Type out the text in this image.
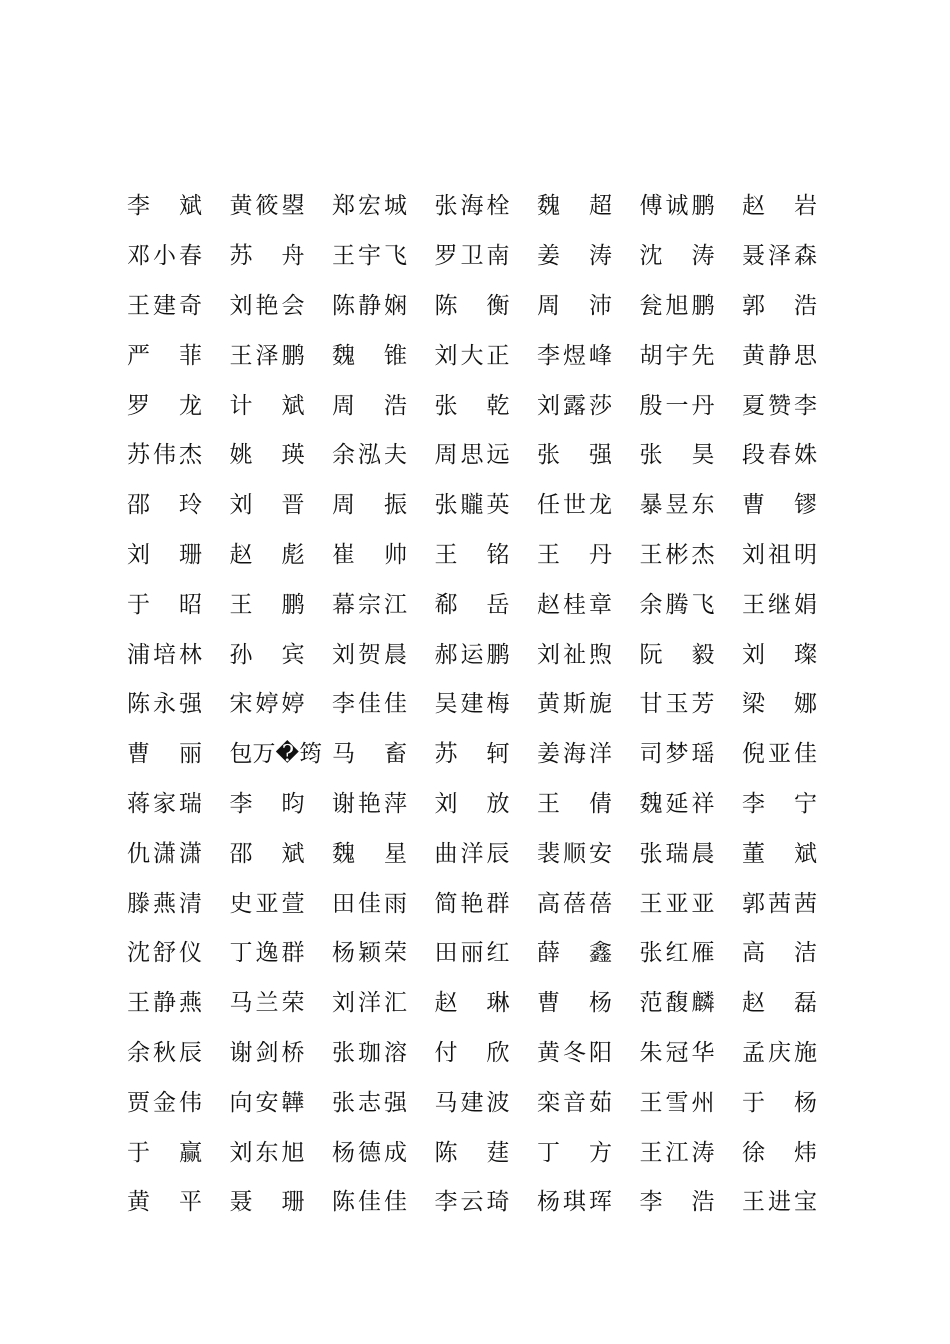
李 斌 黄 筱 曌 郑 宏 城 张 海 栓 魏 超 傅 诚 鹏 赵 岩
邓 小 春 苏 舟 王 宇 飞 罗 卫 南 姜 涛 沈 涛 聂 泽 森
王 建 奇 刘 艳 会 陈 静 娴 陈 衡 周 沛 瓮 旭 鹏 郭 浩
严 菲 王 泽 鹏 魏 锥 刘 大 正 李 煜 峰 胡 宇 先 黄 静 思
罗 龙 计 斌 周 浩 张 乾 刘 露 莎 殷 一 丹 夏 赞 李
苏 伟 杰 姚 瑛 余 泓 夫 周 思 远 张 强 张 昊 段 春 姝
邵 玲 刘 晋 周 振 张 贚 英 任 世 龙 暴 昱 东 曹 镠
刘 珊 赵 彪 崔 帅 王 铭 王 丹 王 彬 杰 刘 祖 明
于 昭 王 鹏 幕 宗 江 郗 岳 赵 桂 章 余 腾 飞 王 继 娟
浦 培 林 孙 宾 刘 贺 晨 郝 运 鹏 刘 祉 煦 阮 毅 刘 璨
陈 永 强 宋 婷 婷 李 佳 佳 吴 建 梅 黄 斯 旎 甘 玉 芳 梁 娜
曹 丽 包 万 � 筠 马 畜 苏 轲 姜 海 洋 司 梦 瑶 倪 亚 佳
蒋 家 瑞 李 昀 谢 艳 萍 刘 放 王 倩 魏 延 祥 李 宁
仇 潇 潇 邵 斌 魏 星 曲 洋 辰 裴 顺 安 张 瑞 晨 董 斌
滕 燕 清 史 亚 萱 田 佳 雨 简 艳 群 高 蓓 蓓 王 亚 亚 郭 茜 茜
沈 舒 仪 丁 逸 群 杨 颖 荣 田 丽 红 薛 鑫 张 红 雁 高 洁
王 静 燕 马 兰 荣 刘 洋 汇 赵 琳 曹 杨 范 馥 麟 赵 磊
余 秋 辰 谢 剑 桥 张 珈 溶 付 欣 黄 冬 阳 朱 冠 华 孟 庆 施
贾 金 伟 向 安 韡 张 志 强 马 建 波 栾 音 茹 王 雪 州 于 杨
于 赢 刘 东 旭 杨 德 成 陈 莛 丁 方 王 江 涛 徐 炜
黄 平 聂 珊 陈 佳 佳 李 云 琦 杨 琪 珲 李 浩 王 进 宝
